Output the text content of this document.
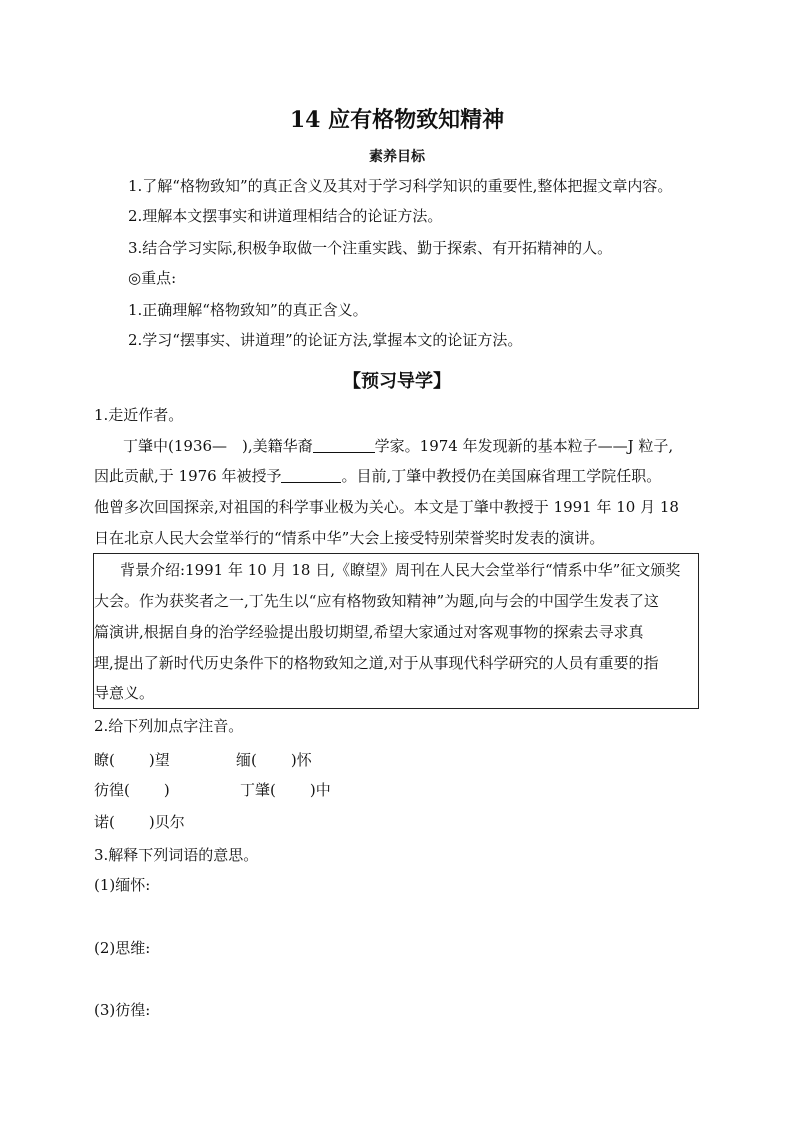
14 应有格物致知精神
素养目标
1.了解“格物致知”的真正含义及其对于学习科学知识的重要性,整体把握文章内容。
2.理解本文摆事实和讲道理相结合的论证方法。
3.结合学习实际,积极争取做一个注重实践、勤于探索、有开拓精神的人。
◎重点:
1.正确理解“格物致知”的真正含义。
2.学习“摆事实、讲道理”的论证方法,掌握本文的论证方法。
【预习导学】
1.走近作者。
丁肇中(1936—　),美籍华裔	学家。1974 年发现新的基本粒子——J 粒子,
因此贡献,于 1976 年被授予	。目前,丁肇中教授仍在美国麻省理工学院任职。
他曾多次回国探亲,对祖国的科学事业极为关心。本文是丁肇中教授于 1991 年 10 月 18
日在北京人民大会堂举行的“情系中华”大会上接受特别荣誉奖时发表的演讲。
背景介绍:1991 年 10 月 18 日,《瞭望》周刊在人民大会堂举行“情系中华”征文颁奖
大会。作为获奖者之一,丁先生以“应有格物致知精神”为题,向与会的中国学生发表了这
篇演讲,根据自身的治学经验提出殷切期望,希望大家通过对客观事物的探索去寻求真
理,提出了新时代历史条件下的格物致知之道,对于从事现代科学研究的人员有重要的指
导意义。
2.给下列加点字注音。
瞭( )望	缅( )怀
彷徨( )	丁肇( )中
诺( )贝尔
3.解释下列词语的意思。
(1)缅怀:
(2)思维:
(3)彷徨:
